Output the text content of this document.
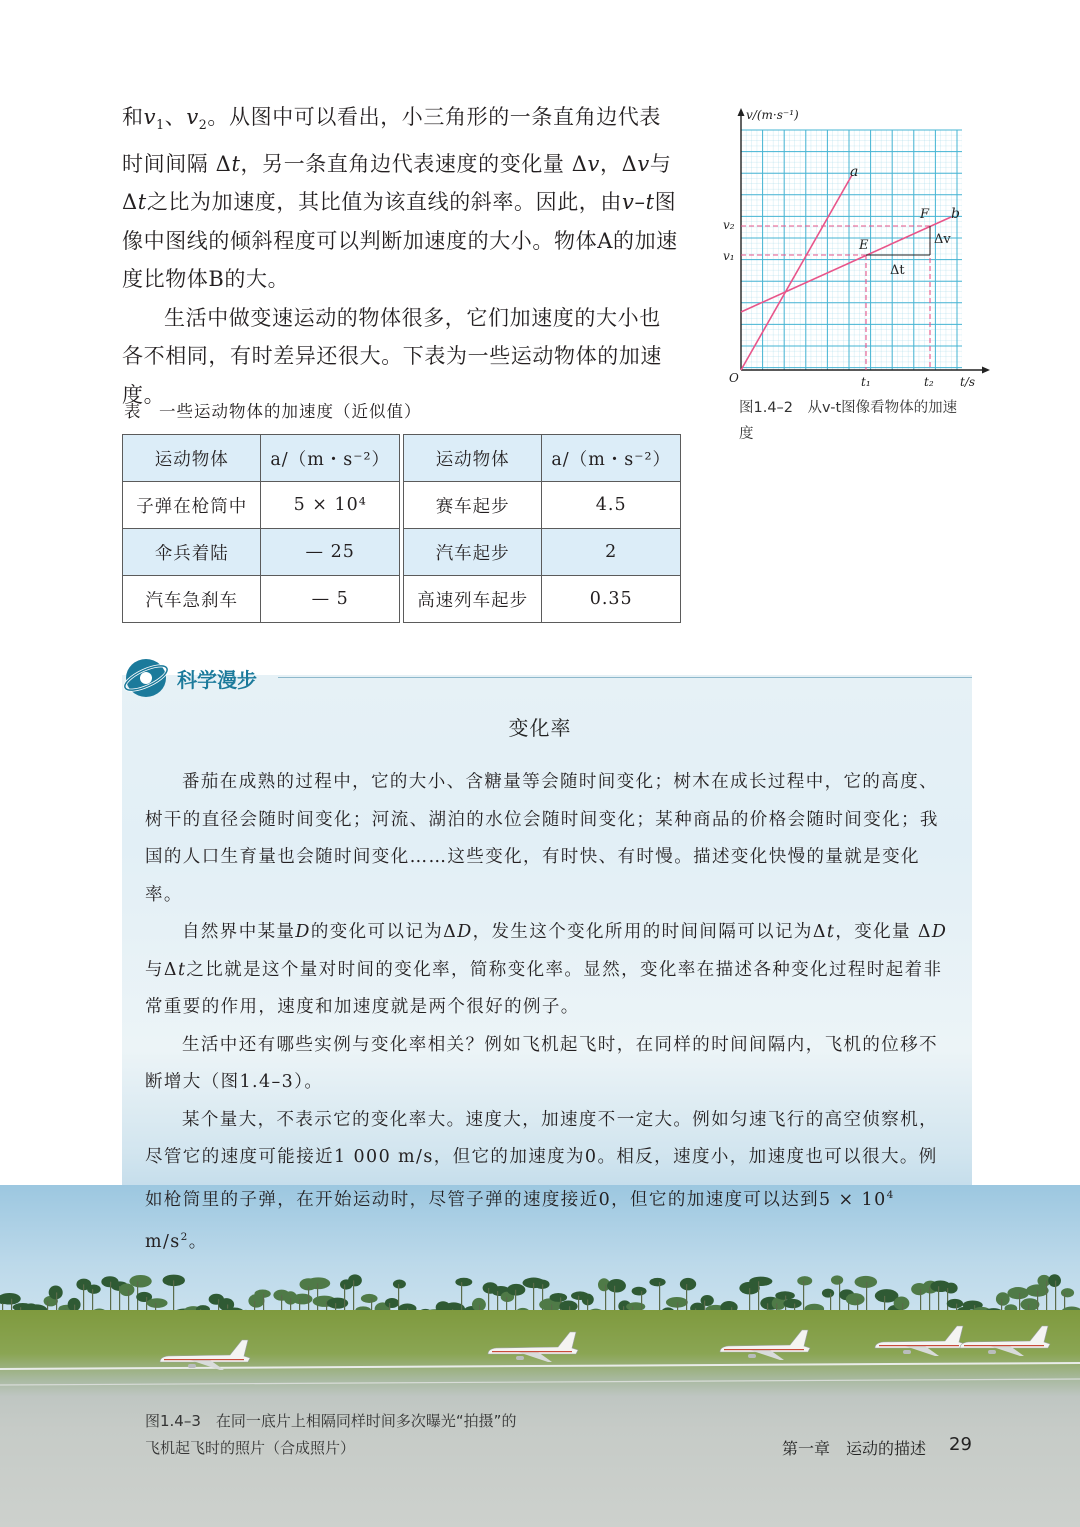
和$v_1$、$v_2$。从图中可以看出，小三角形的一条直角边代表时间间隔 Δt，另一条直角边代表速度的变化量 Δv，Δv与Δt之比为加速度，其比值为该直线的斜率。因此，由v–t图像中图线的倾斜程度可以判断加速度的大小。物体A的加速度比物体B的大。

生活中做变速运动的物体很多，它们加速度的大小也各不相同，有时差异还很大。下表为一些运动物体的加速度。

v/(m·s⁻¹)
t/s
O
v₁
v₂
t₁	t₂
a
b
E
F
Δv
Δt
图1.4–2　从v-t图像看物体的加速度
表　一些运动物体的加速度（近似值）
运动物体	a/（m・s⁻²）		运动物体	a/（m・s⁻²）
子弹在枪筒中	5 × 10⁴		赛车起步	4.5
伞兵着陆	— 25		汽车起步	2
汽车急刹车	— 5		高速列车起步	0.35
科学漫步
变化率

番茄在成熟的过程中，它的大小、含糖量等会随时间变化；树木在成长过程中，它的高度、树干的直径会随时间变化；河流、湖泊的水位会随时间变化；某种商品的价格会随时间变化；我国的人口生育量也会随时间变化……这些变化，有时快、有时慢。描述变化快慢的量就是变化率。

自然界中某量D的变化可以记为ΔD，发生这个变化所用的时间间隔可以记为Δt，变化量 ΔD与Δt之比就是这个量对时间的变化率，简称变化率。显然，变化率在描述各种变化过程时起着非常重要的作用，速度和加速度就是两个很好的例子。

生活中还有哪些实例与变化率相关？例如飞机起飞时，在同样的时间间隔内，飞机的位移不断增大（图1.4–3）。

某个量大，不表示它的变化率大。速度大，加速度不一定大。例如匀速飞行的高空侦察机，尽管它的速度可能接近1 000 m/s，但它的加速度为0。相反，速度小，加速度也可以很大。例如枪筒里的子弹，在开始运动时，尽管子弹的速度接近0，但它的加速度可以达到$5 \times 10^4$ $m/s^2$。

图1.4–3　在同一底片上相隔同样时间多次曝光“拍摄”的飞机起飞时的照片（合成照片）	第一章　运动的描述 29
